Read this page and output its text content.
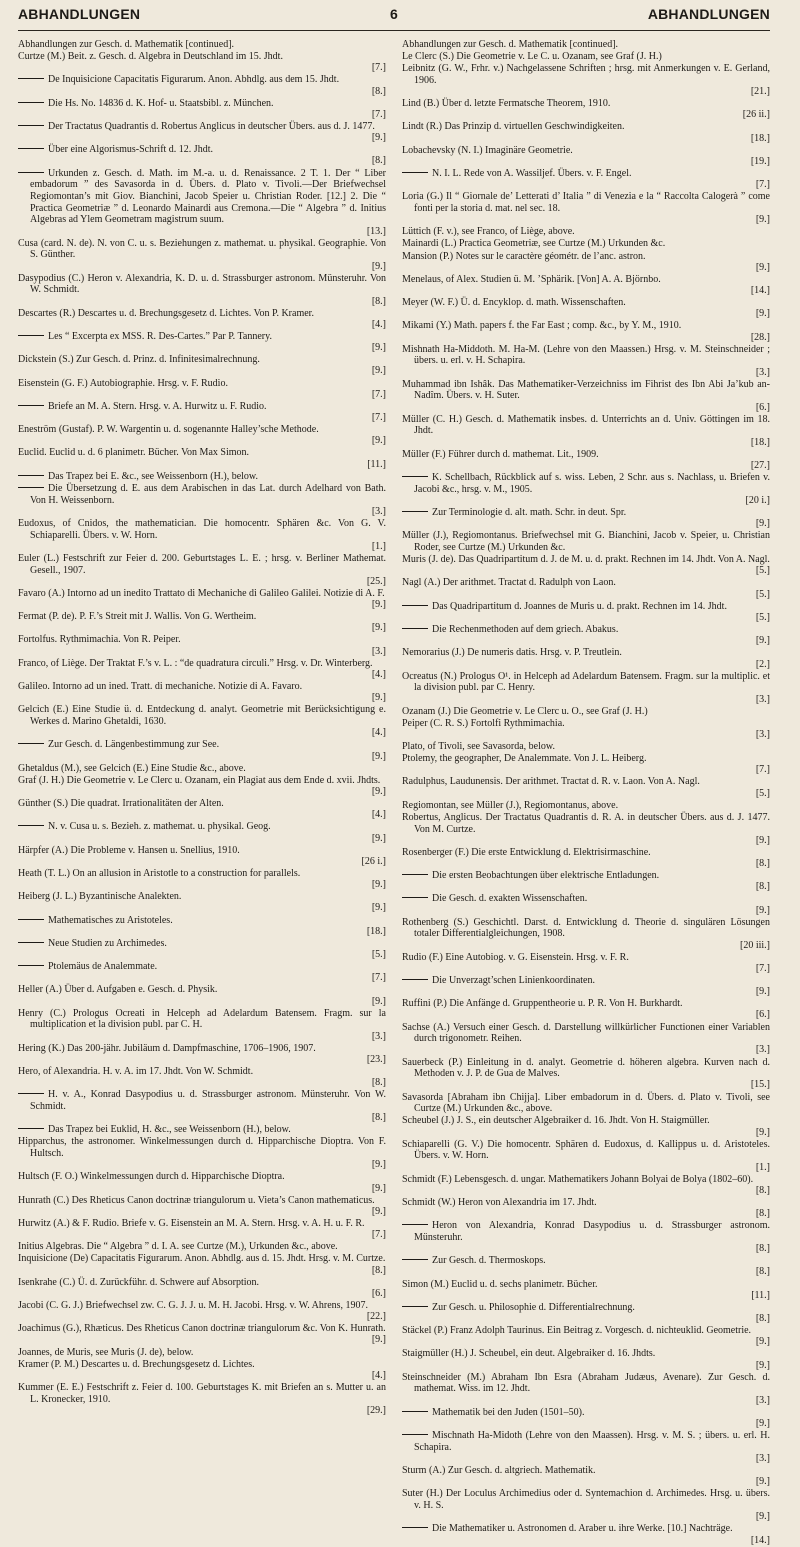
ABHANDLUNGEN	6	ABHANDLUNGEN

Abhandlungen zur Gesch. d. Mathematik [continued].

Curtze (M.) Beit. z. Gesch. d. Algebra in Deutschland im 15. Jhdt.
[7.]

De Inquisicione Capacitatis Figurarum. Anon. Abhdlg. aus dem 15. Jhdt.
[8.]

Die Hs. No. 14836 d. K. Hof- u. Staatsbibl. z. München.
[7.]

Der Tractatus Quadrantis d. Robertus Anglicus in deutscher Übers. aus d. J. 1477.
[9.]

Über eine Algorismus-Schrift d. 12. Jhdt.
[8.]

Urkunden z. Gesch. d. Math. im M.-a. u. d. Renaissance. 2 T. 1. Der “ Liber embadorum ” des Savasorda in d. Übers. d. Plato v. Tivoli.—Der Briefwechsel Regiomontan’s mit Giov. Bianchini, Jacob Speier u. Christian Roder. [12.] 2. Die “ Practica Geometriæ ” d. Leonardo Mainardi aus Cremona.—Die “ Algebra ” d. Initius Algebras ad Ylem Geometram magistrum suum.
[13.]

Cusa (card. N. de). N. von C. u. s. Beziehungen z. mathemat. u. physikal. Geographie. Von S. Günther.
[9.]

Dasypodius (C.) Heron v. Alexandria, K. D. u. d. Strassburger astronom. Münsteruhr. Von W. Schmidt.
[8.]

Descartes (R.) Descartes u. d. Brechungsgesetz d. Lichtes. Von P. Kramer.
[4.]

Les “ Excerpta ex MSS. R. Des-Cartes.” Par P. Tannery.
[9.]

Dickstein (S.) Zur Gesch. d. Prinz. d. Infinitesimalrechnung.
[9.]

Eisenstein (G. F.) Autobiographie. Hrsg. v. F. Rudio.
[7.]

Briefe an M. A. Stern. Hrsg. v. A. Hurwitz u. F. Rudio.
[7.]

Eneström (Gustaf). P. W. Wargentin u. d. sogenannte Halley’sche Methode.
[9.]

Euclid. Euclid u. d. 6 planimetr. Bücher. Von Max Simon.
[11.]

Das Trapez bei E. &c., see Weissenborn (H.), below.

Die Übersetzung d. E. aus dem Arabischen in das Lat. durch Adelhard von Bath. Von H. Weissenborn.
[3.]

Eudoxus, of Cnidos, the mathematician. Die homocentr. Sphären &c. Von G. V. Schiaparelli. Übers. v. W. Horn.
[1.]

Euler (L.) Festschrift zur Feier d. 200. Geburtstages L. E. ; hrsg. v. Berliner Mathemat. Gesell., 1907.
[25.]

Favaro (A.) Intorno ad un inedito Trattato di Mechaniche di Galileo Galilei. Notizie di A. F.
[9.]

Fermat (P. de). P. F.’s Streit mit J. Wallis. Von G. Wertheim.
[9.]

Fortolfus. Rythmimachia. Von R. Peiper.
[3.]

Franco, of Liège. Der Traktat F.’s v. L. : “de quadratura circuli.” Hrsg. v. Dr. Winterberg.
[4.]

Galileo. Intorno ad un ined. Tratt. di mechaniche. Notizie di A. Favaro.
[9.]

Gelcich (E.) Eine Studie ü. d. Entdeckung d. analyt. Geometrie mit Berücksichtigung e. Werkes d. Marino Ghetaldi, 1630.
[4.]

Zur Gesch. d. Längenbestimmung zur See.
[9.]

Ghetaldus (M.), see Gelcich (E.) Eine Studie &c., above.

Graf (J. H.) Die Geometrie v. Le Clerc u. Ozanam, ein Plagiat aus dem Ende d. xvii. Jhdts.
[9.]

Günther (S.) Die quadrat. Irrationalitäten der Alten.
[4.]

N. v. Cusa u. s. Bezieh. z. mathemat. u. physikal. Geog.
[9.]

Härpfer (A.) Die Probleme v. Hansen u. Snellius, 1910.
[26 i.]

Heath (T. L.) On an allusion in Aristotle to a construction for parallels.
[9.]

Heiberg (J. L.) Byzantinische Analekten.
[9.]

Mathematisches zu Aristoteles.
[18.]

Neue Studien zu Archimedes.
[5.]

Ptolemäus de Analemmate.
[7.]

Heller (A.) Über d. Aufgaben e. Gesch. d. Physik.
[9.]

Henry (C.) Prologus Ocreati in Helceph ad Adelardum Batensem. Fragm. sur la multiplication et la division publ. par C. H.
[3.]

Hering (K.) Das 200-jähr. Jubiläum d. Dampfmaschine, 1706–1906, 1907.
[23.]

Hero, of Alexandria. H. v. A. im 17. Jhdt. Von W. Schmidt.
[8.]

H. v. A., Konrad Dasypodius u. d. Strassburger astronom. Münsteruhr. Von W. Schmidt.
[8.]

Das Trapez bei Euklid, H. &c., see Weissenborn (H.), below.

Hipparchus, the astronomer. Winkelmessungen durch d. Hipparchische Dioptra. Von F. Hultsch.
[9.]

Hultsch (F. O.) Winkelmessungen durch d. Hipparchische Dioptra.
[9.]

Hunrath (C.) Des Rheticus Canon doctrinæ triangulorum u. Vieta’s Canon mathematicus.
[9.]

Hurwitz (A.) & F. Rudio. Briefe v. G. Eisenstein an M. A. Stern. Hrsg. v. A. H. u. F. R.
[7.]

Initius Algebras. Die “ Algebra ” d. I. A. see Curtze (M.), Urkunden &c., above.

Inquisicione (De) Capacitatis Figurarum. Anon. Abhdlg. aus d. 15. Jhdt. Hrsg. v. M. Curtze.
[8.]

Isenkrahe (C.) Ü. d. Zurückführ. d. Schwere auf Absorption.
[6.]

Jacobi (C. G. J.) Briefwechsel zw. C. G. J. J. u. M. H. Jacobi. Hrsg. v. W. Ahrens, 1907.
[22.]

Joachimus (G.), Rhæticus. Des Rheticus Canon doctrinæ triangulorum &c. Von K. Hunrath.
[9.]

Joannes, de Muris, see Muris (J. de), below.

Kramer (P. M.) Descartes u. d. Brechungsgesetz d. Lichtes.
[4.]

Kummer (E. E.) Festschrift z. Feier d. 100. Geburtstages K. mit Briefen an s. Mutter u. an L. Kronecker, 1910.
[29.]

Abhandlungen zur Gesch. d. Mathematik [continued].

Le Clerc (S.) Die Geometrie v. Le C. u. Ozanam, see Graf (J. H.)

Leibnitz (G. W., Frhr. v.) Nachgelassene Schriften ; hrsg. mit Anmerkungen v. E. Gerland, 1906.
[21.]

Lind (B.) Über d. letzte Fermatsche Theorem, 1910.
[26 ii.]

Lindt (R.) Das Prinzip d. virtuellen Geschwindigkeiten.
[18.]

Lobachevsky (N. I.) Imaginäre Geometrie.
[19.]

N. I. L. Rede von A. Wassiljef. Übers. v. F. Engel.
[7.]

Loria (G.) Il “ Giornale de’ Letterati d’ Italia ” di Venezia e la “ Raccolta Calogerà ” come fonti per la storia d. mat. nel sec. 18.
[9.]

Lüttich (F. v.), see Franco, of Liège, above.

Mainardi (L.) Practica Geometriæ, see Curtze (M.) Urkunden &c.

Mansion (P.) Notes sur le caractère géométr. de l’anc. astron.
[9.]

Menelaus, of Alex. Studien ü. M. ’Sphärik. [Von] A. A. Björnbo.
[14.]

Meyer (W. F.) Ü. d. Encyklop. d. math. Wissenschaften.
[9.]

Mikami (Y.) Math. papers f. the Far East ; comp. &c., by Y. M., 1910.
[28.]

Mishnath Ha-Middoth. M. Ha-M. (Lehre von den Maassen.) Hrsg. v. M. Steinschneider ; übers. u. erl. v. H. Schapira.
[3.]

Muhammad ibn Ishâk. Das Mathematiker-Verzeichniss im Fihrist des Ibn Abi Ja’kub an-Nadîm. Übers. v. H. Suter.
[6.]

Müller (C. H.) Gesch. d. Mathematik insbes. d. Unterrichts an d. Univ. Göttingen im 18. Jhdt.
[18.]

Müller (F.) Führer durch d. mathemat. Lit., 1909.
[27.]

K. Schellbach, Rückblick auf s. wiss. Leben, 2 Schr. aus s. Nachlass, u. Briefen v. Jacobi &c., hrsg. v. M., 1905.
[20 i.]

Zur Terminologie d. alt. math. Schr. in deut. Spr.
[9.]

Müller (J.), Regiomontanus. Briefwechsel mit G. Bianchini, Jacob v. Speier, u. Christian Roder, see Curtze (M.) Urkunden &c.

Muris (J. de). Das Quadripartitum d. J. de M. u. d. prakt. Rechnen im 14. Jhdt. Von A. Nagl.
[5.]

Nagl (A.) Der arithmet. Tractat d. Radulph von Laon.
[5.]

Das Quadripartitum d. Joannes de Muris u. d. prakt. Rechnen im 14. Jhdt.
[5.]

Die Rechenmethoden auf dem griech. Abakus.
[9.]

Nemorarius (J.) De numeris datis. Hrsg. v. P. Treutlein.
[2.]

Ocreatus (N.) Prologus O¹. in Helceph ad Adelardum Batensem. Fragm. sur la multiplic. et la division publ. par C. Henry.
[3.]

Ozanam (J.) Die Geometrie v. Le Clerc u. O., see Graf (J. H.)

Peiper (C. R. S.) Fortolfi Rythmimachia.
[3.]

Plato, of Tivoli, see Savasorda, below.

Ptolemy, the geographer, De Analemmate. Von J. L. Heiberg.
[7.]

Radulphus, Laudunensis. Der arithmet. Tractat d. R. v. Laon. Von A. Nagl.
[5.]

Regiomontan, see Müller (J.), Regiomontanus, above.

Robertus, Anglicus. Der Tractatus Quadrantis d. R. A. in deutscher Übers. aus d. J. 1477. Von M. Curtze.
[9.]

Rosenberger (F.) Die erste Entwicklung d. Elektrisirmaschine.
[8.]

Die ersten Beobachtungen über elektrische Entladungen.
[8.]

Die Gesch. d. exakten Wissenschaften.
[9.]

Rothenberg (S.) Geschichtl. Darst. d. Entwicklung d. Theorie d. singulären Lösungen totaler Differentialgleichungen, 1908.
[20 iii.]

Rudio (F.) Eine Autobiog. v. G. Eisenstein. Hrsg. v. F. R.
[7.]

Die Unverzagt’schen Linienkoordinaten.
[9.]

Ruffini (P.) Die Anfänge d. Gruppentheorie u. P. R. Von H. Burkhardt.
[6.]

Sachse (A.) Versuch einer Gesch. d. Darstellung willkürlicher Functionen einer Variablen durch trigonometr. Reihen.
[3.]

Sauerbeck (P.) Einleitung in d. analyt. Geometrie d. höheren algebra. Kurven nach d. Methoden v. J. P. de Gua de Malves.
[15.]

Savasorda [Abraham ibn Chijja]. Liber embadorum in d. Übers. d. Plato v. Tivoli, see Curtze (M.) Urkunden &c., above.

Scheubel (J.) J. S., ein deutscher Algebraiker d. 16. Jhdt. Von H. Staigmüller.
[9.]

Schiaparelli (G. V.) Die homocentr. Sphären d. Eudoxus, d. Kallippus u. d. Aristoteles. Übers. v. W. Horn.
[1.]

Schmidt (F.) Lebensgesch. d. ungar. Mathematikers Johann Bolyai de Bolya (1802–60).
[8.]

Schmidt (W.) Heron von Alexandria im 17. Jhdt.
[8.]

Heron von Alexandria, Konrad Dasypodius u. d. Strassburger astronom. Münsteruhr.
[8.]

Zur Gesch. d. Thermoskops.
[8.]

Simon (M.) Euclid u. d. sechs planimetr. Bücher.
[11.]

Zur Gesch. u. Philosophie d. Differentialrechnung.
[8.]

Stäckel (P.) Franz Adolph Taurinus. Ein Beitrag z. Vorgesch. d. nichteuklid. Geometrie.
[9.]

Staigmüller (H.) J. Scheubel, ein deut. Algebraiker d. 16. Jhdts.
[9.]

Steinschneider (M.) Abraham Ibn Esra (Abraham Judæus, Avenare). Zur Gesch. d. mathemat. Wiss. im 12. Jhdt.
[3.]

Mathematik bei den Juden (1501–50).
[9.]

Mischnath Ha-Midoth (Lehre von den Maassen). Hrsg. v. M. S. ; übers. u. erl. H. Schapira.
[3.]

Sturm (A.) Zur Gesch. d. altgriech. Mathematik.
[9.]

Suter (H.) Der Loculus Archimedius oder d. Syntemachion d. Archimedes. Hrsg. u. übers. v. H. S.
[9.]

Die Mathematiker u. Astronomen d. Araber u. ihre Werke. [10.] Nachträge.
[14.]
